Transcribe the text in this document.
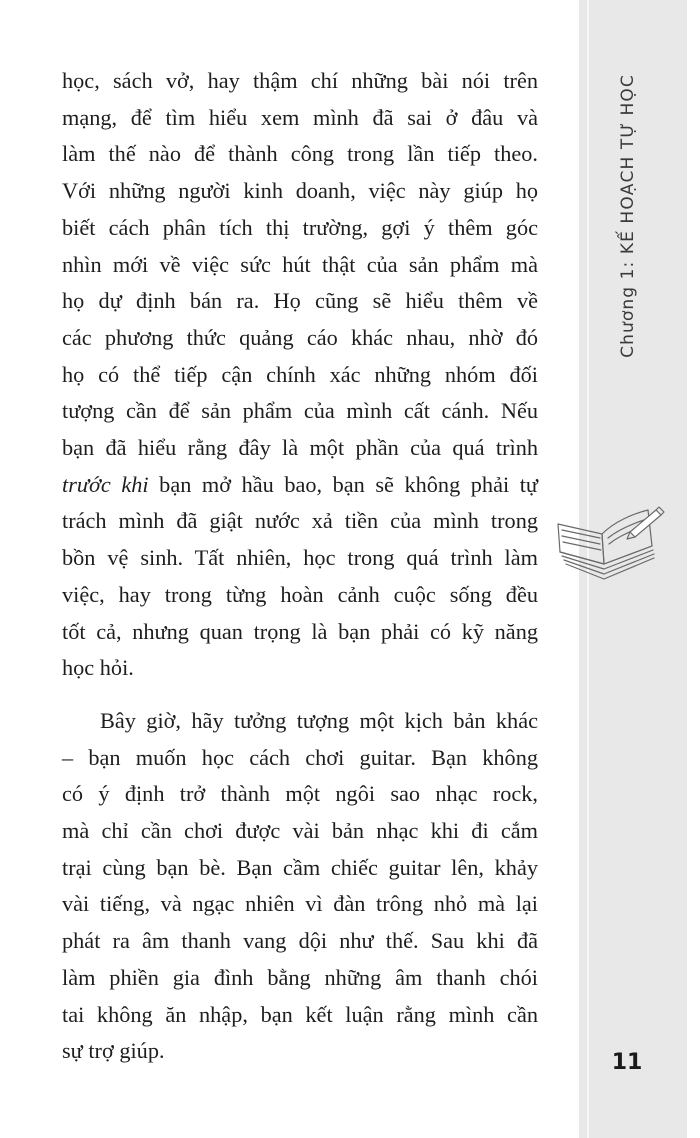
Chương 1: KẾ HOẠCH TỰ HỌC

học, sách vở, hay thậm chí những bài nói trên
mạng, để tìm hiểu xem mình đã sai ở đâu và
làm thế nào để thành công trong lần tiếp theo.
Với những người kinh doanh, việc này giúp họ
biết cách phân tích thị trường, gợi ý thêm góc
nhìn mới về việc sức hút thật của sản phẩm mà
họ dự định bán ra. Họ cũng sẽ hiểu thêm về
các phương thức quảng cáo khác nhau, nhờ đó
họ có thể tiếp cận chính xác những nhóm đối
tượng cần để sản phẩm của mình cất cánh. Nếu
bạn đã hiểu rằng đây là một phần của quá trình
trước khi bạn mở hầu bao, bạn sẽ không phải tự
trách mình đã giật nước xả tiền của mình trong
bồn vệ sinh. Tất nhiên, học trong quá trình làm
việc, hay trong từng hoàn cảnh cuộc sống đều
tốt cả, nhưng quan trọng là bạn phải có kỹ năng
học hỏi.

Bây giờ, hãy tưởng tượng một kịch bản khác
– bạn muốn học cách chơi guitar. Bạn không
có ý định trở thành một ngôi sao nhạc rock,
mà chỉ cần chơi được vài bản nhạc khi đi cắm
trại cùng bạn bè. Bạn cầm chiếc guitar lên, khảy
vài tiếng, và ngạc nhiên vì đàn trông nhỏ mà lại
phát ra âm thanh vang dội như thế. Sau khi đã
làm phiền gia đình bằng những âm thanh chói
tai không ăn nhập, bạn kết luận rằng mình cần
sự trợ giúp.	11
